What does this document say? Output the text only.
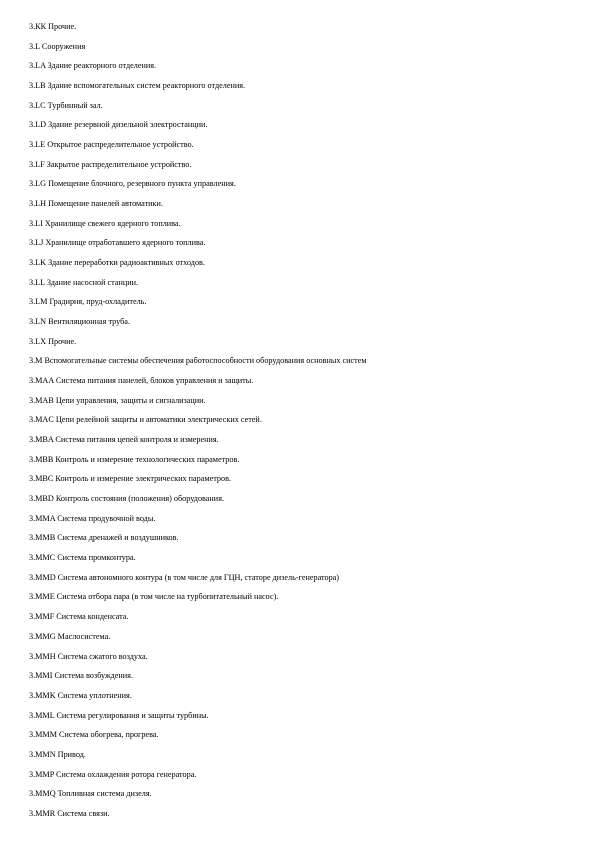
3.КК Прочие.
3.L Сооружения
3.LA Здание реакторного отделения.
3.LB Здание вспомогательных систем реакторного отделения.
3.LC Турбинный зал.
3.LD Здание резервной дизельной электростанции.
3.LE Открытое распределительное устройство.
3.LF Закрытое распределительное устройство.
3.LG Помещение блочного, резервного пункта управления.
3.LH Помещение панелей автоматики.
3.LI Хранилище свежего ядерного топлива.
3.LJ Хранилище отработавшего ядерного топлива.
3.LK Здание переработки радиоактивных отходов.
3.LL Здание насосной станции.
3.LM Градирня, пруд-охладитель.
3.LN Вентиляционная труба.
3.LX Прочие.
3.M Вспомогательные системы обеспечения работоспособности оборудования основных систем
3.MAA Система питания панелей, блоков управления и защиты.
3.MAB Цепи управления, защиты и сигнализации.
3.MAC Цепи релейной защиты и автоматики электрических сетей.
3.MBA Система питания цепей контроля и измерения.
3.MBB Контроль и измерение технологических параметров.
3.MBC Контроль и измерение электрических параметров.
3.MBD Контроль состояния (положения) оборудования.
3.MMA Система продувочной воды.
3.MMB Система дренажей и воздушников.
3.MMC Система промконтура.
3.MMD Система автономного контура (в том числе для ГЦН, статоре дизель-генератора)
3.MME Система отбора пара (в том числе на турбопитательный насос).
3.MMF Система конденсата.
3.MMG Маслосистема.
3.MMH Система сжатого воздуха.
3.MMI Система возбуждения.
3.MMK Система уплотнения.
3.MML Система регулирования и защиты турбины.
3.MMM Система обогрева, прогрева.
3.MMN Привод.
3.MMP Система охлаждения ротора генератора.
3.MMQ Топливная система дизеля.
3.MMR Система связи.
